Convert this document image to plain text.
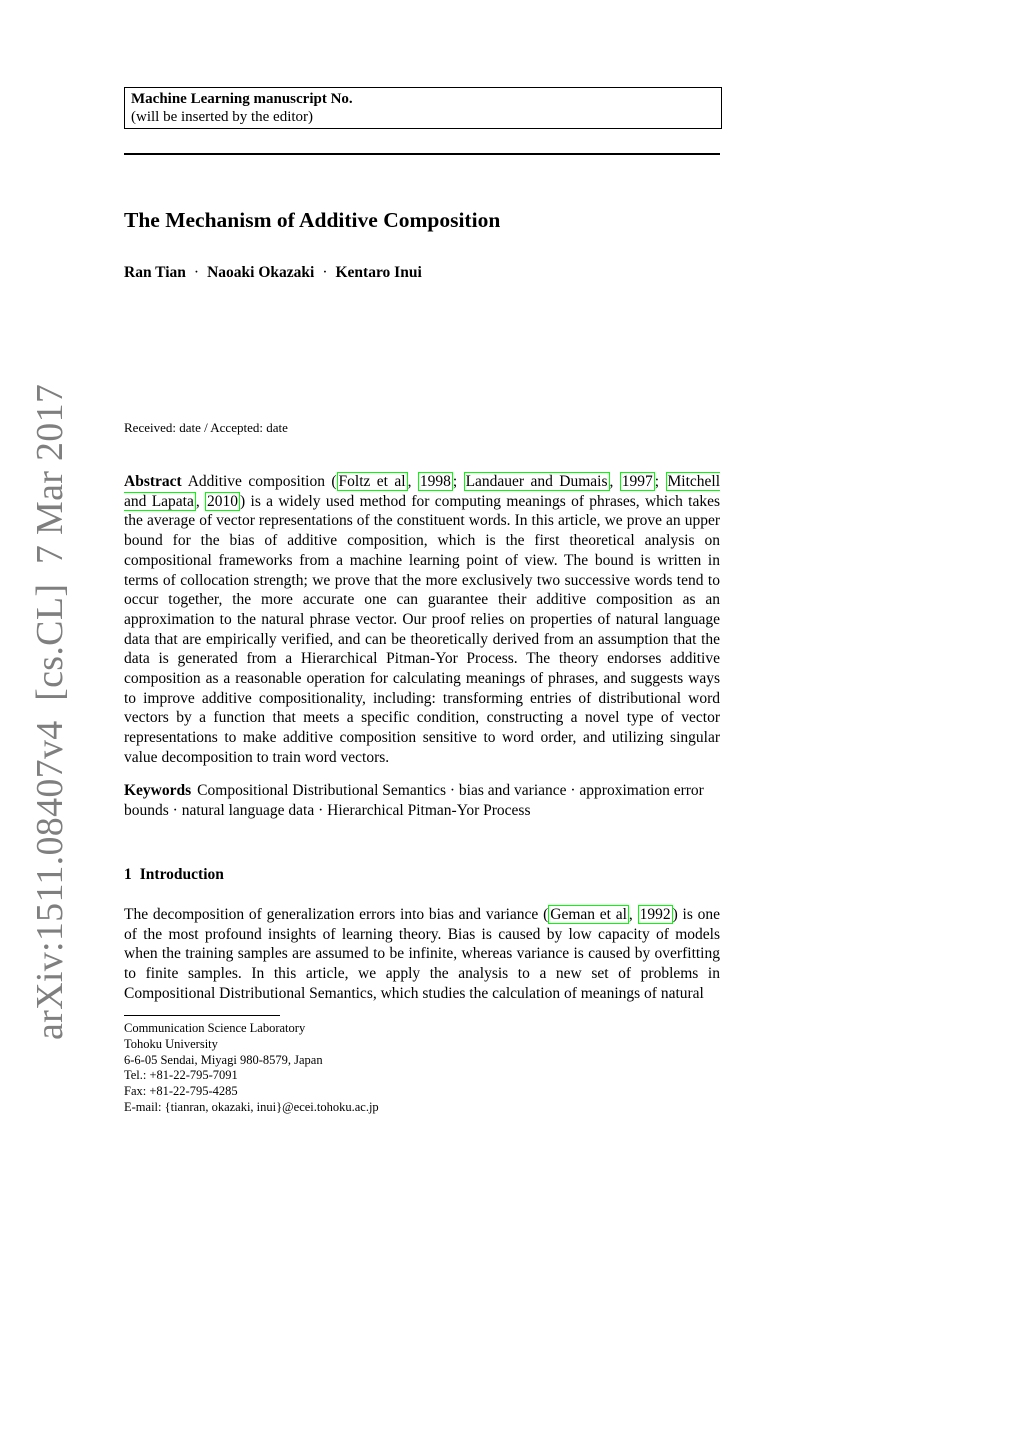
Machine Learning manuscript No.
(will be inserted by the editor)
The Mechanism of Additive Composition
Ran Tian · Naoaki Okazaki · Kentaro Inui
Received: date / Accepted: date

Abstract Additive composition ( Foltz et al , 1998 ; Landauer and Dumais , 1997 ; Mitchell and Lapata , 2010 ) is a widely used method for computing meanings of phrases, which takes the average of vector representations of the constituent words. In this article, we prove an upper bound for the bias of additive composition, which is the first theoretical analysis on compositional frameworks from a machine learning point of view. The bound is written in terms of collocation strength; we prove that the more exclusively two successive words tend to occur together, the more accurate one can guarantee their additive composition as an approximation to the natural phrase vector. Our proof relies on properties of natural language data that are empirically verified, and can be theoretically derived from an assumption that the data is generated from a Hierarchical Pitman-Yor Process. The theory endorses additive composition as a reasonable operation for calculating meanings of phrases, and suggests ways to improve additive compositionality, including: transforming entries of distributional word vectors by a function that meets a specific condition, constructing a novel type of vector representations to make additive composition sensitive to word order, and utilizing singular value decomposition to train word vectors.

Keywords Compositional Distributional Semantics · bias and variance · approximation error bounds · natural language data · Hierarchical Pitman-Yor Process

1 Introduction

The decomposition of generalization errors into bias and variance ( Geman et al , 1992 ) is one of the most profound insights of learning theory. Bias is caused by low capacity of models when the training samples are assumed to be infinite, whereas variance is caused by overfitting to finite samples. In this article, we apply the analysis to a new set of problems in Compositional Distributional Semantics, which studies the calculation of meanings of natural

Communication Science Laboratory
Tohoku University
6-6-05 Sendai, Miyagi 980-8579, Japan
Tel.: +81-22-795-7091
Fax: +81-22-795-4285
E-mail: {tianran, okazaki, inui}@ecei.tohoku.ac.jp
arXiv:1511.08407v4  [cs.CL]  7 Mar 2017
